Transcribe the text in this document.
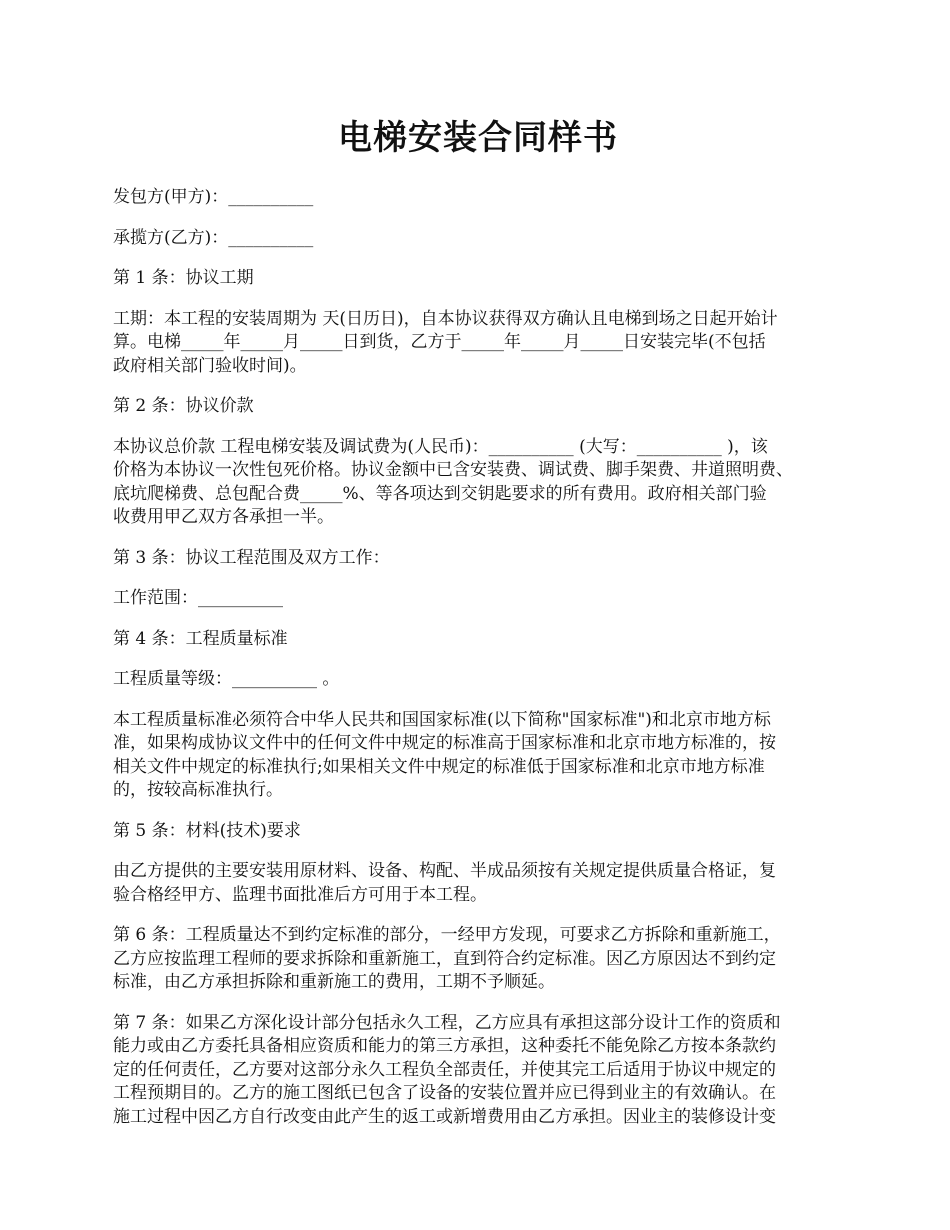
电梯安装合同样书

发包方(甲方)：__________

承揽方(乙方)：__________

第 1 条：协议工期

工期：本工程的安装周期为 天(日历日)，自本协议获得双方确认且电梯到场之日起开始计
算。电梯_____年_____月_____日到货，乙方于_____年_____月_____日安装完毕(不包括
政府相关部门验收时间)。

第 2 条：协议价款

本协议总价款 工程电梯安装及调试费为(人民币)：__________ (大写：__________ )，该
价格为本协议一次性包死价格。协议金额中已含安装费、调试费、脚手架费、井道照明费、
底坑爬梯费、总包配合费_____%、等各项达到交钥匙要求的所有费用。政府相关部门验
收费用甲乙双方各承担一半。

第 3 条：协议工程范围及双方工作：

工作范围：__________

第 4 条：工程质量标准

工程质量等级：__________ 。

本工程质量标准必须符合中华人民共和国国家标准(以下简称"国家标准")和北京市地方标
准，如果构成协议文件中的任何文件中规定的标准高于国家标准和北京市地方标准的，按
相关文件中规定的标准执行;如果相关文件中规定的标准低于国家标准和北京市地方标准
的，按较高标准执行。

第 5 条：材料(技术)要求

由乙方提供的主要安装用原材料、设备、构配、半成品须按有关规定提供质量合格证，复
验合格经甲方、监理书面批准后方可用于本工程。

第 6 条：工程质量达不到约定标准的部分，一经甲方发现，可要求乙方拆除和重新施工，
乙方应按监理工程师的要求拆除和重新施工，直到符合约定标准。因乙方原因达不到约定
标准，由乙方承担拆除和重新施工的费用，工期不予顺延。

第 7 条：如果乙方深化设计部分包括永久工程，乙方应具有承担这部分设计工作的资质和
能力或由乙方委托具备相应资质和能力的第三方承担，这种委托不能免除乙方按本条款约
定的任何责任，乙方要对这部分永久工程负全部责任，并使其完工后适用于协议中规定的
工程预期目的。乙方的施工图纸已包含了设备的安装位置并应已得到业主的有效确认。在
施工过程中因乙方自行改变由此产生的返工或新增费用由乙方承担。因业主的装修设计变
